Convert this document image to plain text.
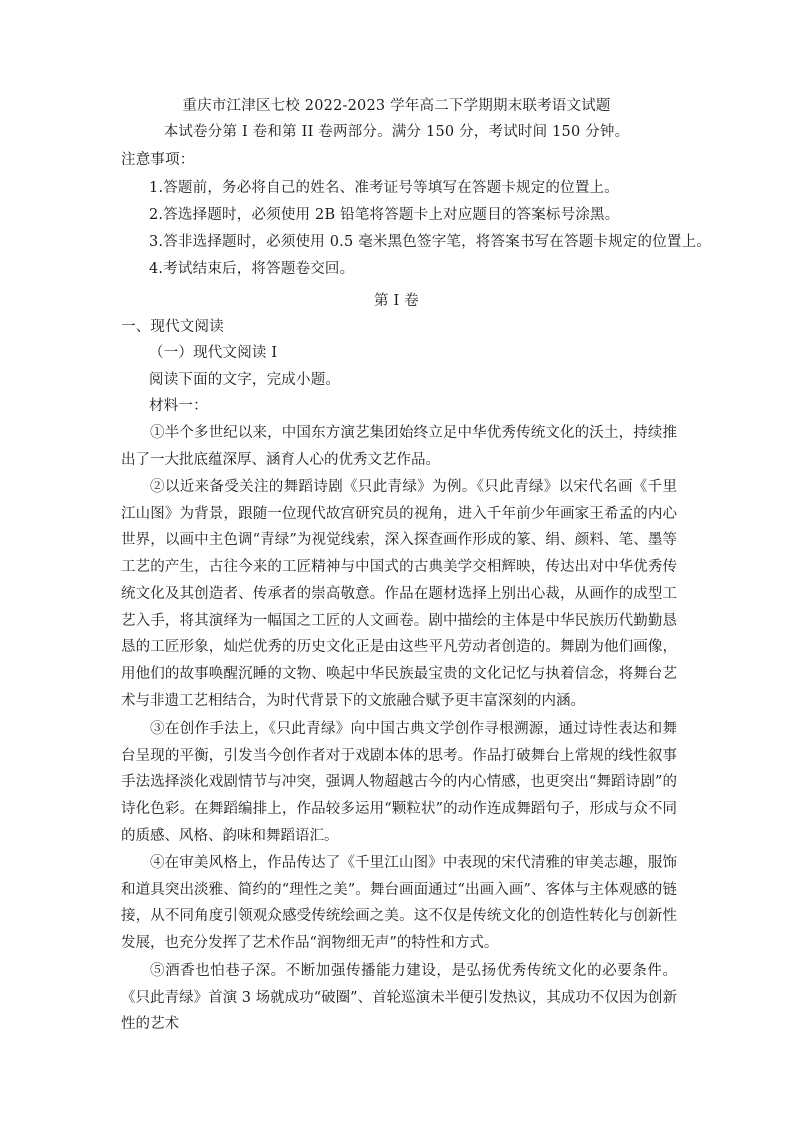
重庆市江津区七校 2022-2023 学年高二下学期期末联考语文试题
本试卷分第 I 卷和第 II 卷两部分。满分 150 分，考试时间 150 分钟。
注意事项：
1.答题前，务必将自己的姓名、准考证号等填写在答题卡规定的位置上。
2.答选择题时，必须使用 2B 铅笔将答题卡上对应题目的答案标号涂黑。
3.答非选择题时，必须使用 0.5 毫米黑色签字笔，将答案书写在答题卡规定的位置上。
4.考试结束后，将答题卷交回。
第 I 卷
一、现代文阅读
（一）现代文阅读 I
阅读下面的文字，完成小题。
材料一：

①半个多世纪以来，中国东方演艺集团始终立足中华优秀传统文化的沃土，持续推出了一大批底蕴深厚、涵育人心的优秀文艺作品。

②以近来备受关注的舞蹈诗剧《只此青绿》为例。《只此青绿》以宋代名画《千里江山图》为背景，跟随一位现代故宫研究员的视角，进入千年前少年画家王希孟的内心世界，以画中主色调“青绿”为视觉线索，深入探查画作形成的篆、绢、颜料、笔、墨等工艺的产生，古往今来的工匠精神与中国式的古典美学交相辉映，传达出对中华优秀传统文化及其创造者、传承者的崇高敬意。作品在题材选择上别出心裁，从画作的成型工艺入手，将其演绎为一幅国之工匠的人文画卷。剧中描绘的主体是中华民族历代勤勤恳恳的工匠形象，灿烂优秀的历史文化正是由这些平凡劳动者创造的。舞剧为他们画像，用他们的故事唤醒沉睡的文物、唤起中华民族最宝贵的文化记忆与执着信念，将舞台艺术与非遗工艺相结合，为时代背景下的文旅融合赋予更丰富深刻的内涵。

③在创作手法上，《只此青绿》向中国古典文学创作寻根溯源，通过诗性表达和舞台呈现的平衡，引发当今创作者对于戏剧本体的思考。作品打破舞台上常规的线性叙事手法选择淡化戏剧情节与冲突，强调人物超越古今的内心情感，也更突出“舞蹈诗剧”的诗化色彩。在舞蹈编排上，作品较多运用“颗粒状”的动作连成舞蹈句子，形成与众不同的质感、风格、韵味和舞蹈语汇。

④在审美风格上，作品传达了《千里江山图》中表现的宋代清雅的审美志趣，服饰和道具突出淡雅、简约的“理性之美”。舞台画面通过“出画入画”、客体与主体观感的链接，从不同角度引领观众感受传统绘画之美。这不仅是传统文化的创造性转化与创新性发展，也充分发挥了艺术作品“润物细无声”的特性和方式。

⑤酒香也怕巷子深。不断加强传播能力建设，是弘扬优秀传统文化的必要条件。《只此青绿》首演 3 场就成功“破圈”、首轮巡演未半便引发热议，其成功不仅因为创新性的艺术
